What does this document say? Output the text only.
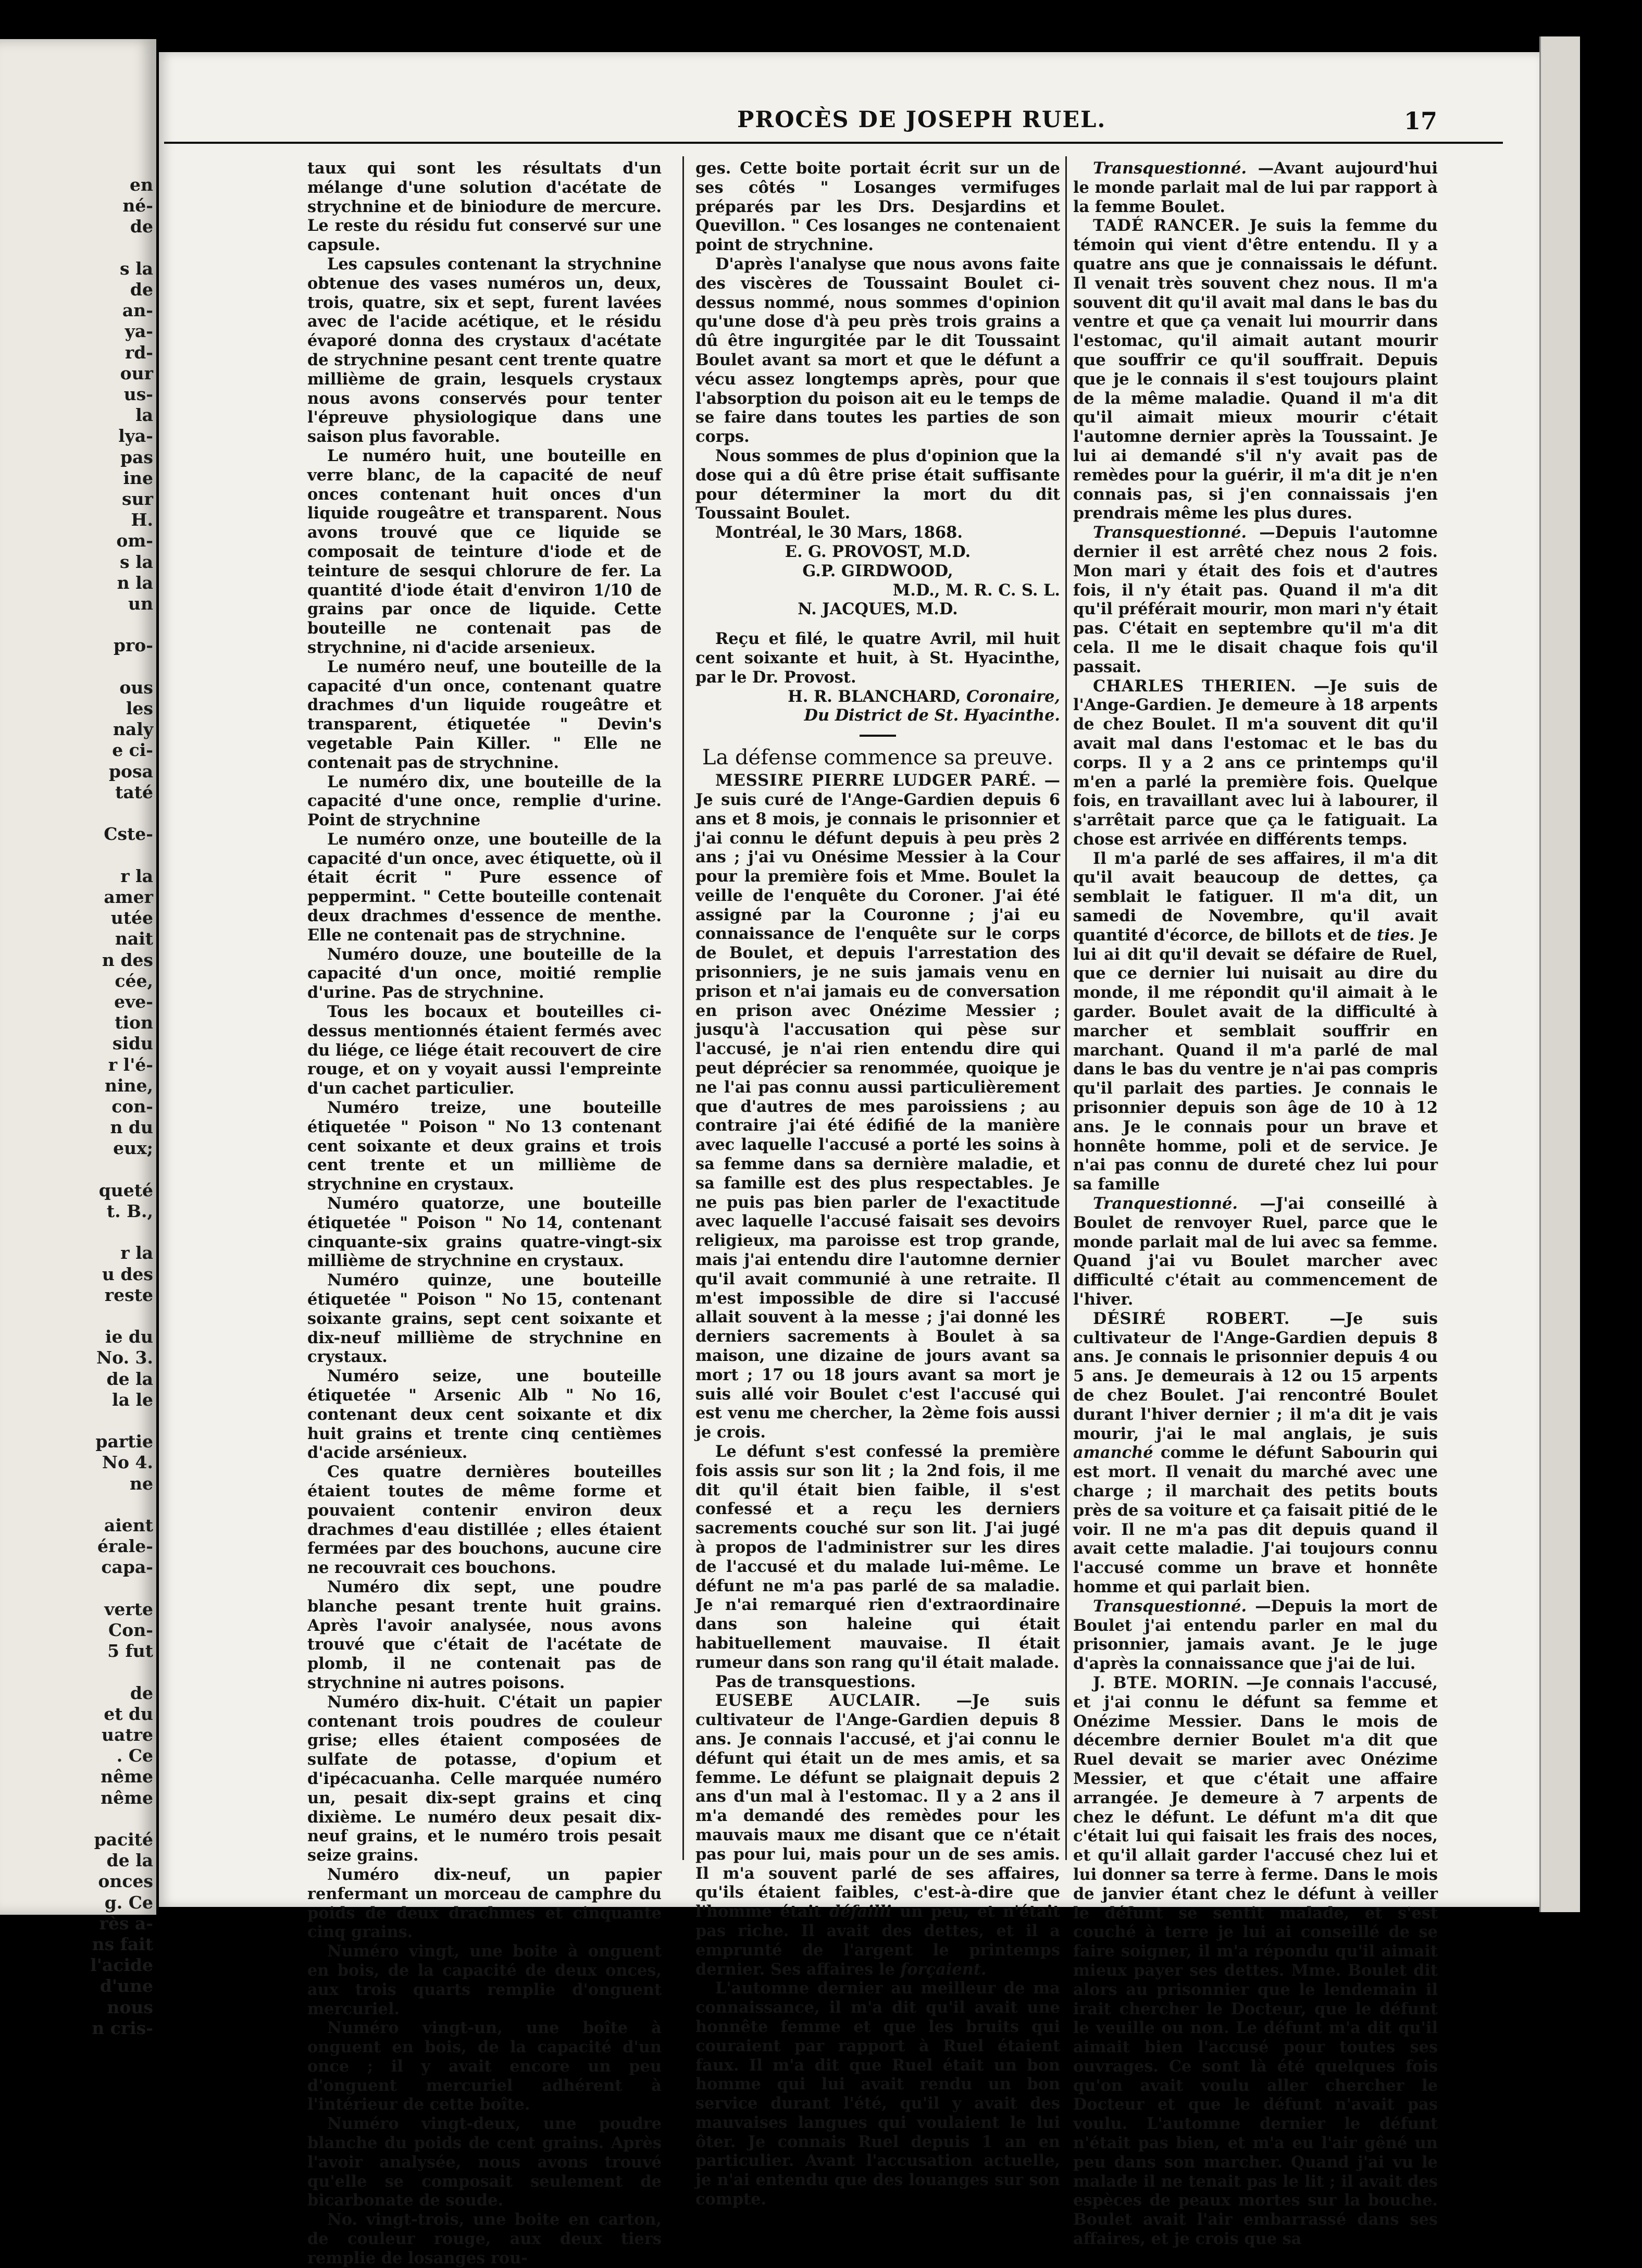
en
né-
de

s la
de
an-
ya-
rd-
our
us-
la
lya-
pas
ine
sur
H.
om-
s la
n la
un

pro-

ous
les
naly
e ci-
posa
taté

Cste-

r la
amer
utée
nait
n des
cée,
eve-
tion
sidu
r l'é-
nine,
con-
n du
eux;

queté
t. B.,

r la
u des
reste

ie du
No. 3.
de la
la le

partie
No 4.
ne

aient
érale-
capa-

verte
Con-
5 fut

de
et du
uatre
. Ce
nême
nême

pacité
de la
onces
g. Ce
rès a-
ns fait
l'acide
d'une
nous
n cris-
PROCÈS DE JOSEPH RUEL.	17

taux qui sont les résultats d'un mélange d'une solution d'acétate de strychnine et de biniodure de mercure. Le reste du résidu fut conservé sur une capsule.

Les capsules contenant la strychnine obtenue des vases numéros un, deux, trois, quatre, six et sept, furent lavées avec de l'acide acétique, et le résidu évaporé donna des crystaux d'acétate de strychnine pesant cent trente quatre millième de grain, lesquels crystaux nous avons conservés pour tenter l'épreuve physiologique dans une saison plus favorable.

Le numéro huit, une bouteille en verre blanc, de la capacité de neuf onces contenant huit onces d'un liquide rougeâtre et transparent. Nous avons trouvé que ce liquide se composait de teinture d'iode et de teinture de sesqui chlorure de fer. La quantité d'iode était d'environ 1/10 de grains par once de liquide. Cette bouteille ne contenait pas de strychnine, ni d'acide arsenieux.

Le numéro neuf, une bouteille de la capacité d'un once, contenant quatre drachmes d'un liquide rougeâtre et transparent, étiquetée " Devin's vegetable Pain Killer. " Elle ne contenait pas de strychnine.

Le numéro dix, une bouteille de la capacité d'une once, remplie d'urine. Point de strychnine

Le numéro onze, une bouteille de la capacité d'un once, avec étiquette, où il était écrit " Pure essence of peppermint. " Cette bouteille contenait deux drachmes d'essence de menthe. Elle ne contenait pas de strychnine.

Numéro douze, une bouteille de la capacité d'un once, moitié remplie d'urine. Pas de strychnine.

Tous les bocaux et bouteilles ci-dessus mentionnés étaient fermés avec du liége, ce liége était recouvert de cire rouge, et on y voyait aussi l'empreinte d'un cachet particulier.

Numéro treize, une bouteille étiquetée " Poison " No 13 contenant cent soixante et deux grains et trois cent trente et un millième de strychnine en crystaux.

Numéro quatorze, une bouteille étiquetée " Poison " No 14, contenant cinquante-six grains quatre-vingt-six millième de strychnine en crystaux.

Numéro quinze, une bouteille étiquetée " Poison " No 15, contenant soixante grains, sept cent soixante et dix-neuf millième de strychnine en crystaux.

Numéro seize, une bouteille étiquetée " Arsenic Alb " No 16, contenant deux cent soixante et dix huit grains et trente cinq centièmes d'acide arsénieux.

Ces quatre dernières bouteilles étaient toutes de même forme et pouvaient contenir environ deux drachmes d'eau distillée ; elles étaient fermées par des bouchons, aucune cire ne recouvrait ces bouchons.

Numéro dix sept, une poudre blanche pesant trente huit grains. Après l'avoir analysée, nous avons trouvé que c'était de l'acétate de plomb, il ne contenait pas de strychnine ni autres poisons.

Numéro dix-huit. C'était un papier contenant trois poudres de couleur grise; elles étaient composées de sulfate de potasse, d'opium et d'ipécacuanha. Celle marquée numéro un, pesait dix-sept grains et cinq dixième. Le numéro deux pesait dix-neuf grains, et le numéro trois pesait seize grains.

Numéro dix-neuf, un papier renfermant un morceau de camphre du poids de deux drachmes et cinquante cinq grains.

Numéro vingt, une boite à onguent en bois, de la capacité de deux onces, aux trois quarts remplie d'onguent mercuriel.

Numéro vingt-un, une boîte à onguent en bois, de la capacité d'un once ; il y avait encore un peu d'onguent mercuriel adhérent à l'intérieur de cette boîte.

Numéro vingt-deux, une poudre blanche du poids de cent grains. Après l'avoir analysée, nous avons trouvé qu'elle se composait seulement de bicarbonate de soude.

No. vingt-trois, une boite en carton, de couleur rouge, aux deux tiers remplie de losanges rou-

ges. Cette boite portait écrit sur un de ses côtés " Losanges vermifuges préparés par les Drs. Desjardins et Quevillon. " Ces losanges ne contenaient point de strychnine.

D'après l'analyse que nous avons faite des viscères de Toussaint Boulet ci-dessus nommé, nous sommes d'opinion qu'une dose d'à peu près trois grains a dû être ingurgitée par le dit Toussaint Boulet avant sa mort et que le défunt a vécu assez longtemps après, pour que l'absorption du poison ait eu le temps de se faire dans toutes les parties de son corps.

Nous sommes de plus d'opinion que la dose qui a dû être prise était suffisante pour déterminer la mort du dit Toussaint Boulet.

Montréal, le 30 Mars, 1868.

E. G. PROVOST, M.D.

G.P. GIRDWOOD,

M.D., M. R. C. S. L.

N. JACQUES, M.D.

Reçu et filé, le quatre Avril, mil huit cent soixante et huit, à St. Hyacinthe, par le Dr. Provost.

H. R. BLANCHARD, Coronaire,

Du District de St. Hyacinthe.

La défense commence sa preuve.

MESSIRE PIERRE LUDGER PARÉ. —Je suis curé de l'Ange-Gardien depuis 6 ans et 8 mois, je connais le prisonnier et j'ai connu le défunt depuis à peu près 2 ans ; j'ai vu Onésime Messier à la Cour pour la première fois et Mme. Boulet la veille de l'enquête du Coroner. J'ai été assigné par la Couronne ; j'ai eu connaissance de l'enquête sur le corps de Boulet, et depuis l'arrestation des prisonniers, je ne suis jamais venu en prison et n'ai jamais eu de conversation en prison avec Onézime Messier ; jusqu'à l'accusation qui pèse sur l'accusé, je n'ai rien entendu dire qui peut déprécier sa renommée, quoique je ne l'ai pas connu aussi particulièrement que d'autres de mes paroissiens ; au contraire j'ai été édifié de la manière avec laquelle l'accusé a porté les soins à sa femme dans sa dernière maladie, et sa famille est des plus respectables. Je ne puis pas bien parler de l'exactitude avec laquelle l'accusé faisait ses devoirs religieux, ma paroisse est trop grande, mais j'ai entendu dire l'automne dernier qu'il avait communié à une retraite. Il m'est impossible de dire si l'accusé allait souvent à la messe ; j'ai donné les derniers sacrements à Boulet à sa maison, une dizaine de jours avant sa mort ; 17 ou 18 jours avant sa mort je suis allé voir Boulet c'est l'accusé qui est venu me chercher, la 2ème fois aussi je crois.

Le défunt s'est confessé la première fois assis sur son lit ; la 2nd fois, il me dit qu'il était bien faible, il s'est confessé et a reçu les derniers sacrements couché sur son lit. J'ai jugé à propos de l'administrer sur les dires de l'accusé et du malade lui-même. Le défunt ne m'a pas parlé de sa maladie. Je n'ai remarqué rien d'extraordinaire dans son haleine qui était habituellement mauvaise. Il était rumeur dans son rang qu'il était malade.

Pas de transquestions.

EUSEBE AUCLAIR. —Je suis cultivateur de l'Ange-Gardien depuis 8 ans. Je connais l'accusé, et j'ai connu le défunt qui était un de mes amis, et sa femme. Le défunt se plaignait depuis 2 ans d'un mal à l'estomac. Il y a 2 ans il m'a demandé des remèdes pour les mauvais maux me disant que ce n'était pas pour lui, mais pour un de ses amis. Il m'a souvent parlé de ses affaires, qu'ils étaient faibles, c'est-à-dire que l'homme était défailli un peu, et n'était pas riche. Il avait des dettes, et il a emprunté de l'argent le printemps dernier. Ses affaires le forçaient.

L'automne dernier au meilleur de ma connaissance, il m'a dit qu'il avait une honnête femme et que les bruits qui couraient par rapport à Ruel étaient faux. Il m'a dit que Ruel était un bon homme qui lui avait rendu un bon service durant l'été, qu'il y avait des mauvaises langues qui voulaient le lui ôter. Je connais Ruel depuis 1 an en particulier. Avant l'accusation actuelle, je n'ai entendu que des louanges sur son compte.

Transquestionné. —Avant aujourd'hui le monde parlait mal de lui par rapport à la femme Boulet.

TADÉ RANCER. Je suis la femme du témoin qui vient d'être entendu. Il y a quatre ans que je connaissais le défunt. Il venait très souvent chez nous. Il m'a souvent dit qu'il avait mal dans le bas du ventre et que ça venait lui mourrir dans l'estomac, qu'il aimait autant mourir que souffrir ce qu'il souffrait. Depuis que je le connais il s'est toujours plaint de la même maladie. Quand il m'a dit qu'il aimait mieux mourir c'était l'automne dernier après la Toussaint. Je lui ai demandé s'il n'y avait pas de remèdes pour la guérir, il m'a dit je n'en connais pas, si j'en connaissais j'en prendrais même les plus dures.

Transquestionné. —Depuis l'automne dernier il est arrêté chez nous 2 fois. Mon mari y était des fois et d'autres fois, il n'y était pas. Quand il m'a dit qu'il préférait mourir, mon mari n'y était pas. C'était en septembre qu'il m'a dit cela. Il me le disait chaque fois qu'il passait.

CHARLES THERIEN. —Je suis de l'Ange-Gardien. Je demeure à 18 arpents de chez Boulet. Il m'a souvent dit qu'il avait mal dans l'estomac et le bas du corps. Il y a 2 ans ce printemps qu'il m'en a parlé la première fois. Quelque fois, en travaillant avec lui à labourer, il s'arrêtait parce que ça le fatiguait. La chose est arrivée en différents temps.

Il m'a parlé de ses affaires, il m'a dit qu'il avait beaucoup de dettes, ça semblait le fatiguer. Il m'a dit, un samedi de Novembre, qu'il avait quantité d'écorce, de billots et de ties. Je lui ai dit qu'il devait se défaire de Ruel, que ce dernier lui nuisait au dire du monde, il me répondit qu'il aimait à le garder. Boulet avait de la difficulté à marcher et semblait souffrir en marchant. Quand il m'a parlé de mal dans le bas du ventre je n'ai pas compris qu'il parlait des parties. Je connais le prisonnier depuis son âge de 10 à 12 ans. Je le connais pour un brave et honnête homme, poli et de service. Je n'ai pas connu de dureté chez lui pour sa famille

Tranquestionné. —J'ai conseillé à Boulet de renvoyer Ruel, parce que le monde parlait mal de lui avec sa femme. Quand j'ai vu Boulet marcher avec difficulté c'était au commencement de l'hiver.

DÉSIRÉ ROBERT. —Je suis cultivateur de l'Ange-Gardien depuis 8 ans. Je connais le prisonnier depuis 4 ou 5 ans. Je demeurais à 12 ou 15 arpents de chez Boulet. J'ai rencontré Boulet durant l'hiver dernier ; il m'a dit je vais mourir, j'ai le mal anglais, je suis amanché comme le défunt Sabourin qui est mort. Il venait du marché avec une charge ; il marchait des petits bouts près de sa voiture et ça faisait pitié de le voir. Il ne m'a pas dit depuis quand il avait cette maladie. J'ai toujours connu l'accusé comme un brave et honnête homme et qui parlait bien.

Transquestionné. —Depuis la mort de Boulet j'ai entendu parler en mal du prisonnier, jamais avant. Je le juge d'après la connaissance que j'ai de lui.

J. BTE. MORIN. —Je connais l'accusé, et j'ai connu le défunt sa femme et Onézime Messier. Dans le mois de décembre dernier Boulet m'a dit que Ruel devait se marier avec Onézime Messier, et que c'était une affaire arrangée. Je demeure à 7 arpents de chez le défunt. Le défunt m'a dit que c'était lui qui faisait les frais des noces, et qu'il allait garder l'accusé chez lui et lui donner sa terre à ferme. Dans le mois de janvier étant chez le défunt à veiller le défunt se sentit malade, et s'est couché à terre je lui ai conseillé de se faire soigner, il m'a répondu qu'il aimait mieux payer ses dettes. Mme. Boulet dit alors au prisonnier que le lendemain il irait chercher le Docteur, que le défunt le veuille ou non. Le défunt m'a dit qu'il aimait bien l'accusé pour toutes ses ouvrages. Ce sont là été quelques fois qu'on avait voulu aller chercher le Docteur et que le défunt n'avait pas voulu. L'automne dernier le défunt n'était pas bien, et m'a eu l'air gêné un peu dans son marcher. Quand j'ai vu le malade il ne tenait pas le lit ; il avait des espèces de peaux mortes sur la bouche. Boulet avait l'air embarrassé dans ses affaires, et je crois que sa
